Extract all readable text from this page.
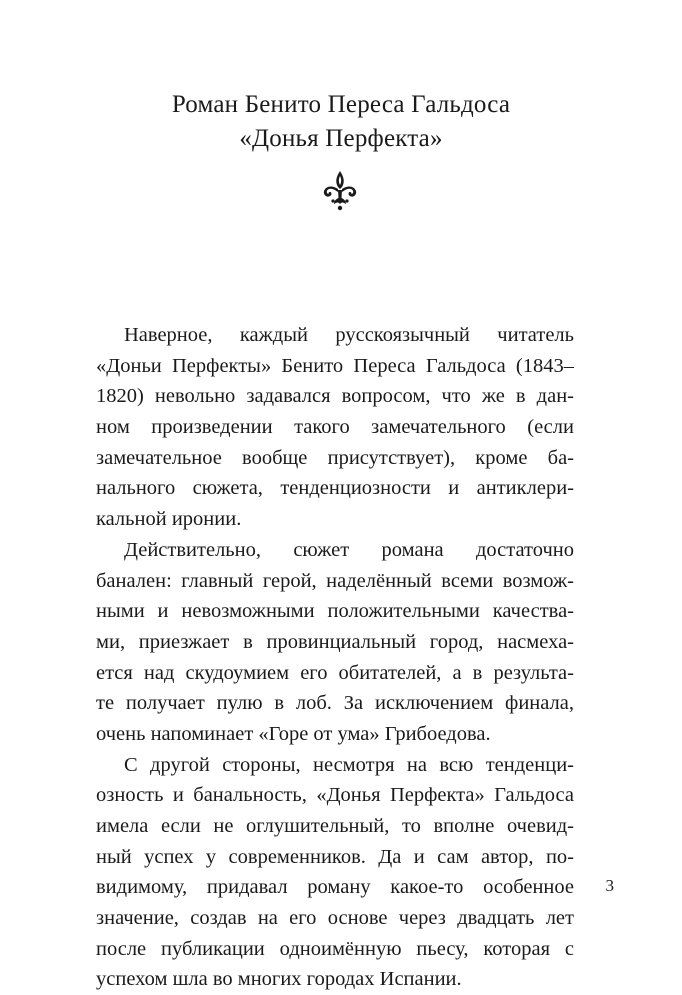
Роман Бенито Переса Гальдоса
«Донья Перфекта»
Наверное, каждый русскоязычный читатель
«Доньи Перфекты» Бенито Переса Гальдоса (1843–
1820) невольно задавался вопросом, что же в дан-
ном произведении такого замечательного (если
замечательное вообще присутствует), кроме ба-
нального сюжета, тенденциозности и антиклери-
кальной иронии.
Действительно, сюжет романа достаточно
банален: главный герой, наделённый всеми возмож-
ными и невозможными положительными качества-
ми, приезжает в провинциальный город, насмеха-
ется над скудоумием его обитателей, а в результа-
те получает пулю в лоб. За исключением финала,
очень напоминает «Горе от ума» Грибоедова.
С другой стороны, несмотря на всю тенденци-
озность и банальность, «Донья Перфекта» Гальдоса
имела если не оглушительный, то вполне очевид-
ный успех у современников. Да и сам автор, по-
видимому, придавал роману какое-то особенное
значение, создав на его основе через двадцать лет
после публикации одноимённую пьесу, которая с
успехом шла во многих городах Испании.
3
